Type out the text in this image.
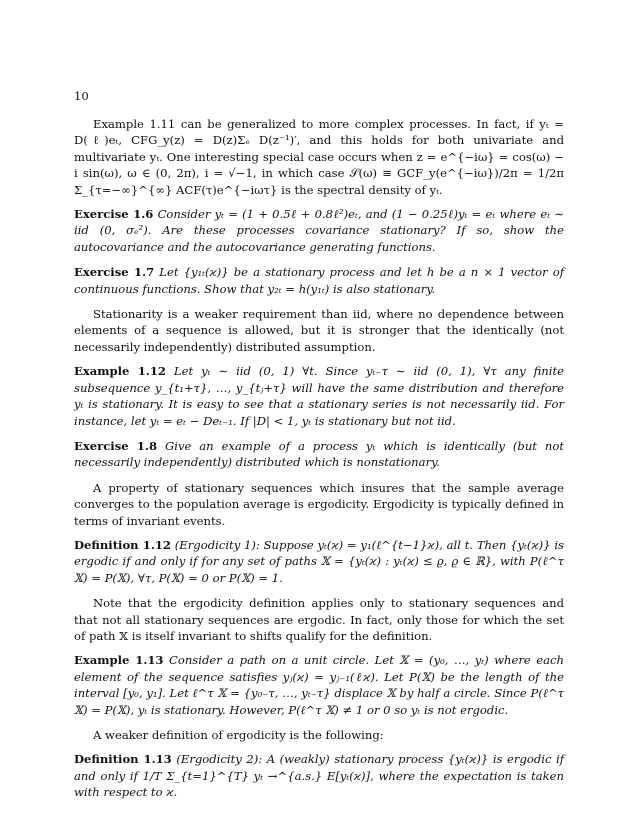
10

Example 1.11 can be generalized to more complex processes. In fact, if yₜ = D(ℓ)eₜ, CFG_y(z) = D(z)Σₑ D(z⁻¹)′, and this holds for both univariate and multivariate yₜ. One interesting special case occurs when z = e^{−iω} = cos(ω) − i sin(ω), ω ∈ (0, 2π), i = √−1, in which case 𝒮(ω) ≡ GCF_y(e^{−iω})/2π = 1/2π Σ_{τ=−∞}^{∞} ACF(τ)e^{−iωτ} is the spectral density of yₜ.

Exercise 1.6 Consider yₜ = (1 + 0.5ℓ + 0.8ℓ²)eₜ, and (1 − 0.25ℓ)yₜ = eₜ where eₜ ∼ iid (0, σₑ²). Are these processes covariance stationary? If so, show the autocovariance and the autocovariance generating functions.

Exercise 1.7 Let {y₁ₜ(ϰ)} be a stationary process and let h be a n × 1 vector of continuous functions. Show that y₂ₜ = h(y₁ₜ) is also stationary.

Stationarity is a weaker requirement than iid, where no dependence between elements of a sequence is allowed, but it is stronger that the identically (not necessarily independently) distributed assumption.

Example 1.12 Let yₜ ∼ iid (0, 1) ∀t. Since yₜ₋τ ∼ iid (0, 1), ∀τ any finite subsequence y_{t₁+τ}, …, y_{tⱼ+τ} will have the same distribution and therefore yₜ is stationary. It is easy to see that a stationary series is not necessarily iid. For instance, let yₜ = eₜ − Deₜ₋₁. If |D| < 1, yₜ is stationary but not iid.

Exercise 1.8 Give an example of a process yₜ which is identically (but not necessarily independently) distributed which is nonstationary.

A property of stationary sequences which insures that the sample average converges to the population average is ergodicity. Ergodicity is typically defined in terms of invariant events.

Definition 1.12 (Ergodicity 1): Suppose yₜ(ϰ) = y₁(ℓ^{t−1}ϰ), all t. Then {yₜ(ϰ)} is ergodic if and only if for any set of paths 𝕏 = {yₜ(ϰ) : yₜ(ϰ) ≤ ϱ, ϱ ∈ ℝ}, with P(ℓ^τ 𝕏) = P(𝕏), ∀τ, P(𝕏) = 0 or P(𝕏) = 1.

Note that the ergodicity definition applies only to stationary sequences and that not all stationary sequences are ergodic. In fact, only those for which the set of path 𝕏 is itself invariant to shifts qualify for the definition.

Example 1.13 Consider a path on a unit circle. Let 𝕏 = (y₀, …, yₜ) where each element of the sequence satisfies yⱼ(ϰ) = yⱼ₋₁(ℓϰ). Let P(𝕏) be the length of the interval [y₀, y₁]. Let ℓ^τ 𝕏 = {y₀₋τ, …, yₜ₋τ} displace 𝕏 by half a circle. Since P(ℓ^τ 𝕏) = P(𝕏), yₜ is stationary. However, P(ℓ^τ 𝕏) ≠ 1 or 0 so yₜ is not ergodic.

A weaker definition of ergodicity is the following:

Definition 1.13 (Ergodicity 2): A (weakly) stationary process {yₜ(ϰ)} is ergodic if and only if 1/T Σ_{t=1}^{T} yₜ →^{a.s.} E[yₜ(ϰ)], where the expectation is taken with respect to ϰ.
